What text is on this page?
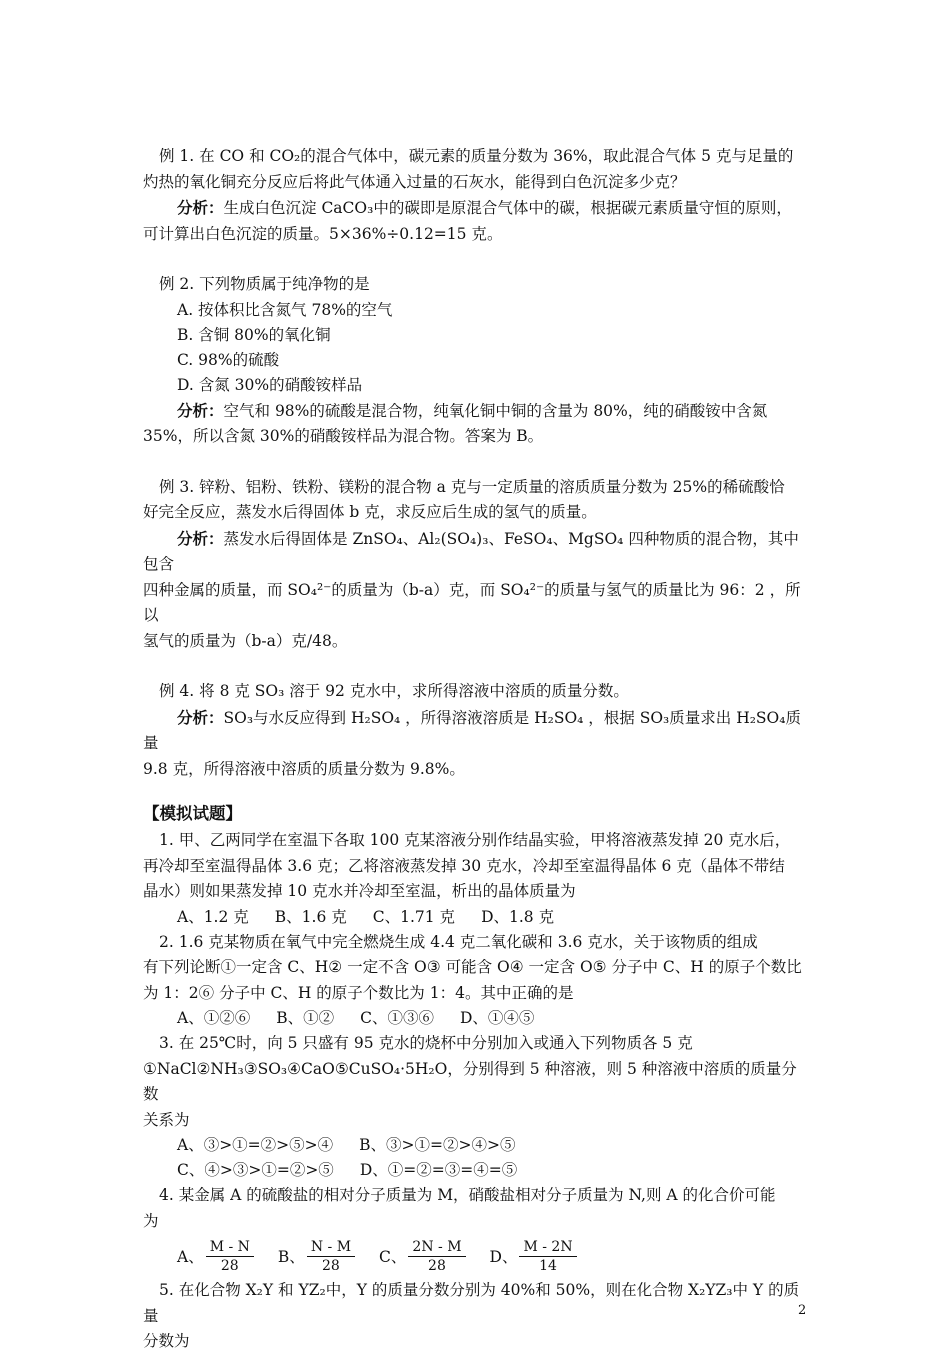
例 1. 在 CO 和 CO₂的混合气体中，碳元素的质量分数为 36%，取此混合气体 5 克与足量的

灼热的氧化铜充分反应后将此气体通入过量的石灰水，能得到白色沉淀多少克？

分析：生成白色沉淀 CaCO₃中的碳即是原混合气体中的碳，根据碳元素质量守恒的原则，

可计算出白色沉淀的质量。5×36%÷0.12=15 克。

例 2. 下列物质属于纯净物的是

A. 按体积比含氮气 78%的空气

B. 含铜 80%的氧化铜

C. 98%的硫酸

D. 含氮 30%的硝酸铵样品

分析：空气和 98%的硫酸是混合物，纯氧化铜中铜的含量为 80%，纯的硝酸铵中含氮

35%，所以含氮 30%的硝酸铵样品为混合物。答案为 B。

例 3. 锌粉、铝粉、铁粉、镁粉的混合物 a 克与一定质量的溶质质量分数为 25%的稀硫酸恰

好完全反应，蒸发水后得固体 b 克，求反应后生成的氢气的质量。

分析：蒸发水后得固体是 ZnSO₄、Al₂(SO₄)₃、FeSO₄、MgSO₄ 四种物质的混合物，其中包含

四种金属的质量，而 SO₄²⁻的质量为（b-a）克，而 SO₄²⁻的质量与氢气的质量比为 96：2 ，所以

氢气的质量为（b-a）克/48。

例 4. 将 8 克 SO₃ 溶于 92 克水中，求所得溶液中溶质的质量分数。

分析：SO₃与水反应得到 H₂SO₄ ，所得溶液溶质是 H₂SO₄ ，根据 SO₃质量求出 H₂SO₄质量

9.8 克，所得溶液中溶质的质量分数为 9.8%。

【模拟试题】

1. 甲、乙两同学在室温下各取 100 克某溶液分别作结晶实验，甲将溶液蒸发掉 20 克水后，

再冷却至室温得晶体 3.6 克；乙将溶液蒸发掉 30 克水，冷却至室温得晶体 6 克（晶体不带结

晶水）则如果蒸发掉 10 克水并冷却至室温，析出的晶体质量为

A、1.2 克 B、1.6 克 C、1.71 克 D、1.8 克

2. 1.6 克某物质在氧气中完全燃烧生成 4.4 克二氧化碳和 3.6 克水，关于该物质的组成

有下列论断①一定含 C、H② 一定不含 O③ 可能含 O④ 一定含 O⑤ 分子中 C、H 的原子个数比

为 1：2⑥ 分子中 C、H 的原子个数比为 1：4。其中正确的是

A、①②⑥ B、①② C、①③⑥ D、①④⑤

3. 在 25℃时，向 5 只盛有 95 克水的烧杯中分别加入或通入下列物质各 5 克

①NaCl②NH₃③SO₃④CaO⑤CuSO₄·5H₂O，分别得到 5 种溶液，则 5 种溶液中溶质的质量分数

关系为

A、③>①=②>⑤>④ B、③>①=②>④>⑤

C、④>③>①=②>⑤ D、①=②=③=④=⑤

4. 某金属 A 的硫酸盐的相对分子质量为 M，硝酸盐相对分子质量为 N,则 A 的化合价可能

为

A、 $\frac{M - N}{28}$ B、 $\frac{N - M}{28}$ C、 $\frac{2N - M}{28}$ D、 $\frac{M - 2N}{14}$

5. 在化合物 X₂Y 和 YZ₂中，Y 的质量分数分别为 40%和 50%，则在化合物 X₂YZ₃中 Y 的质量

分数为

2
